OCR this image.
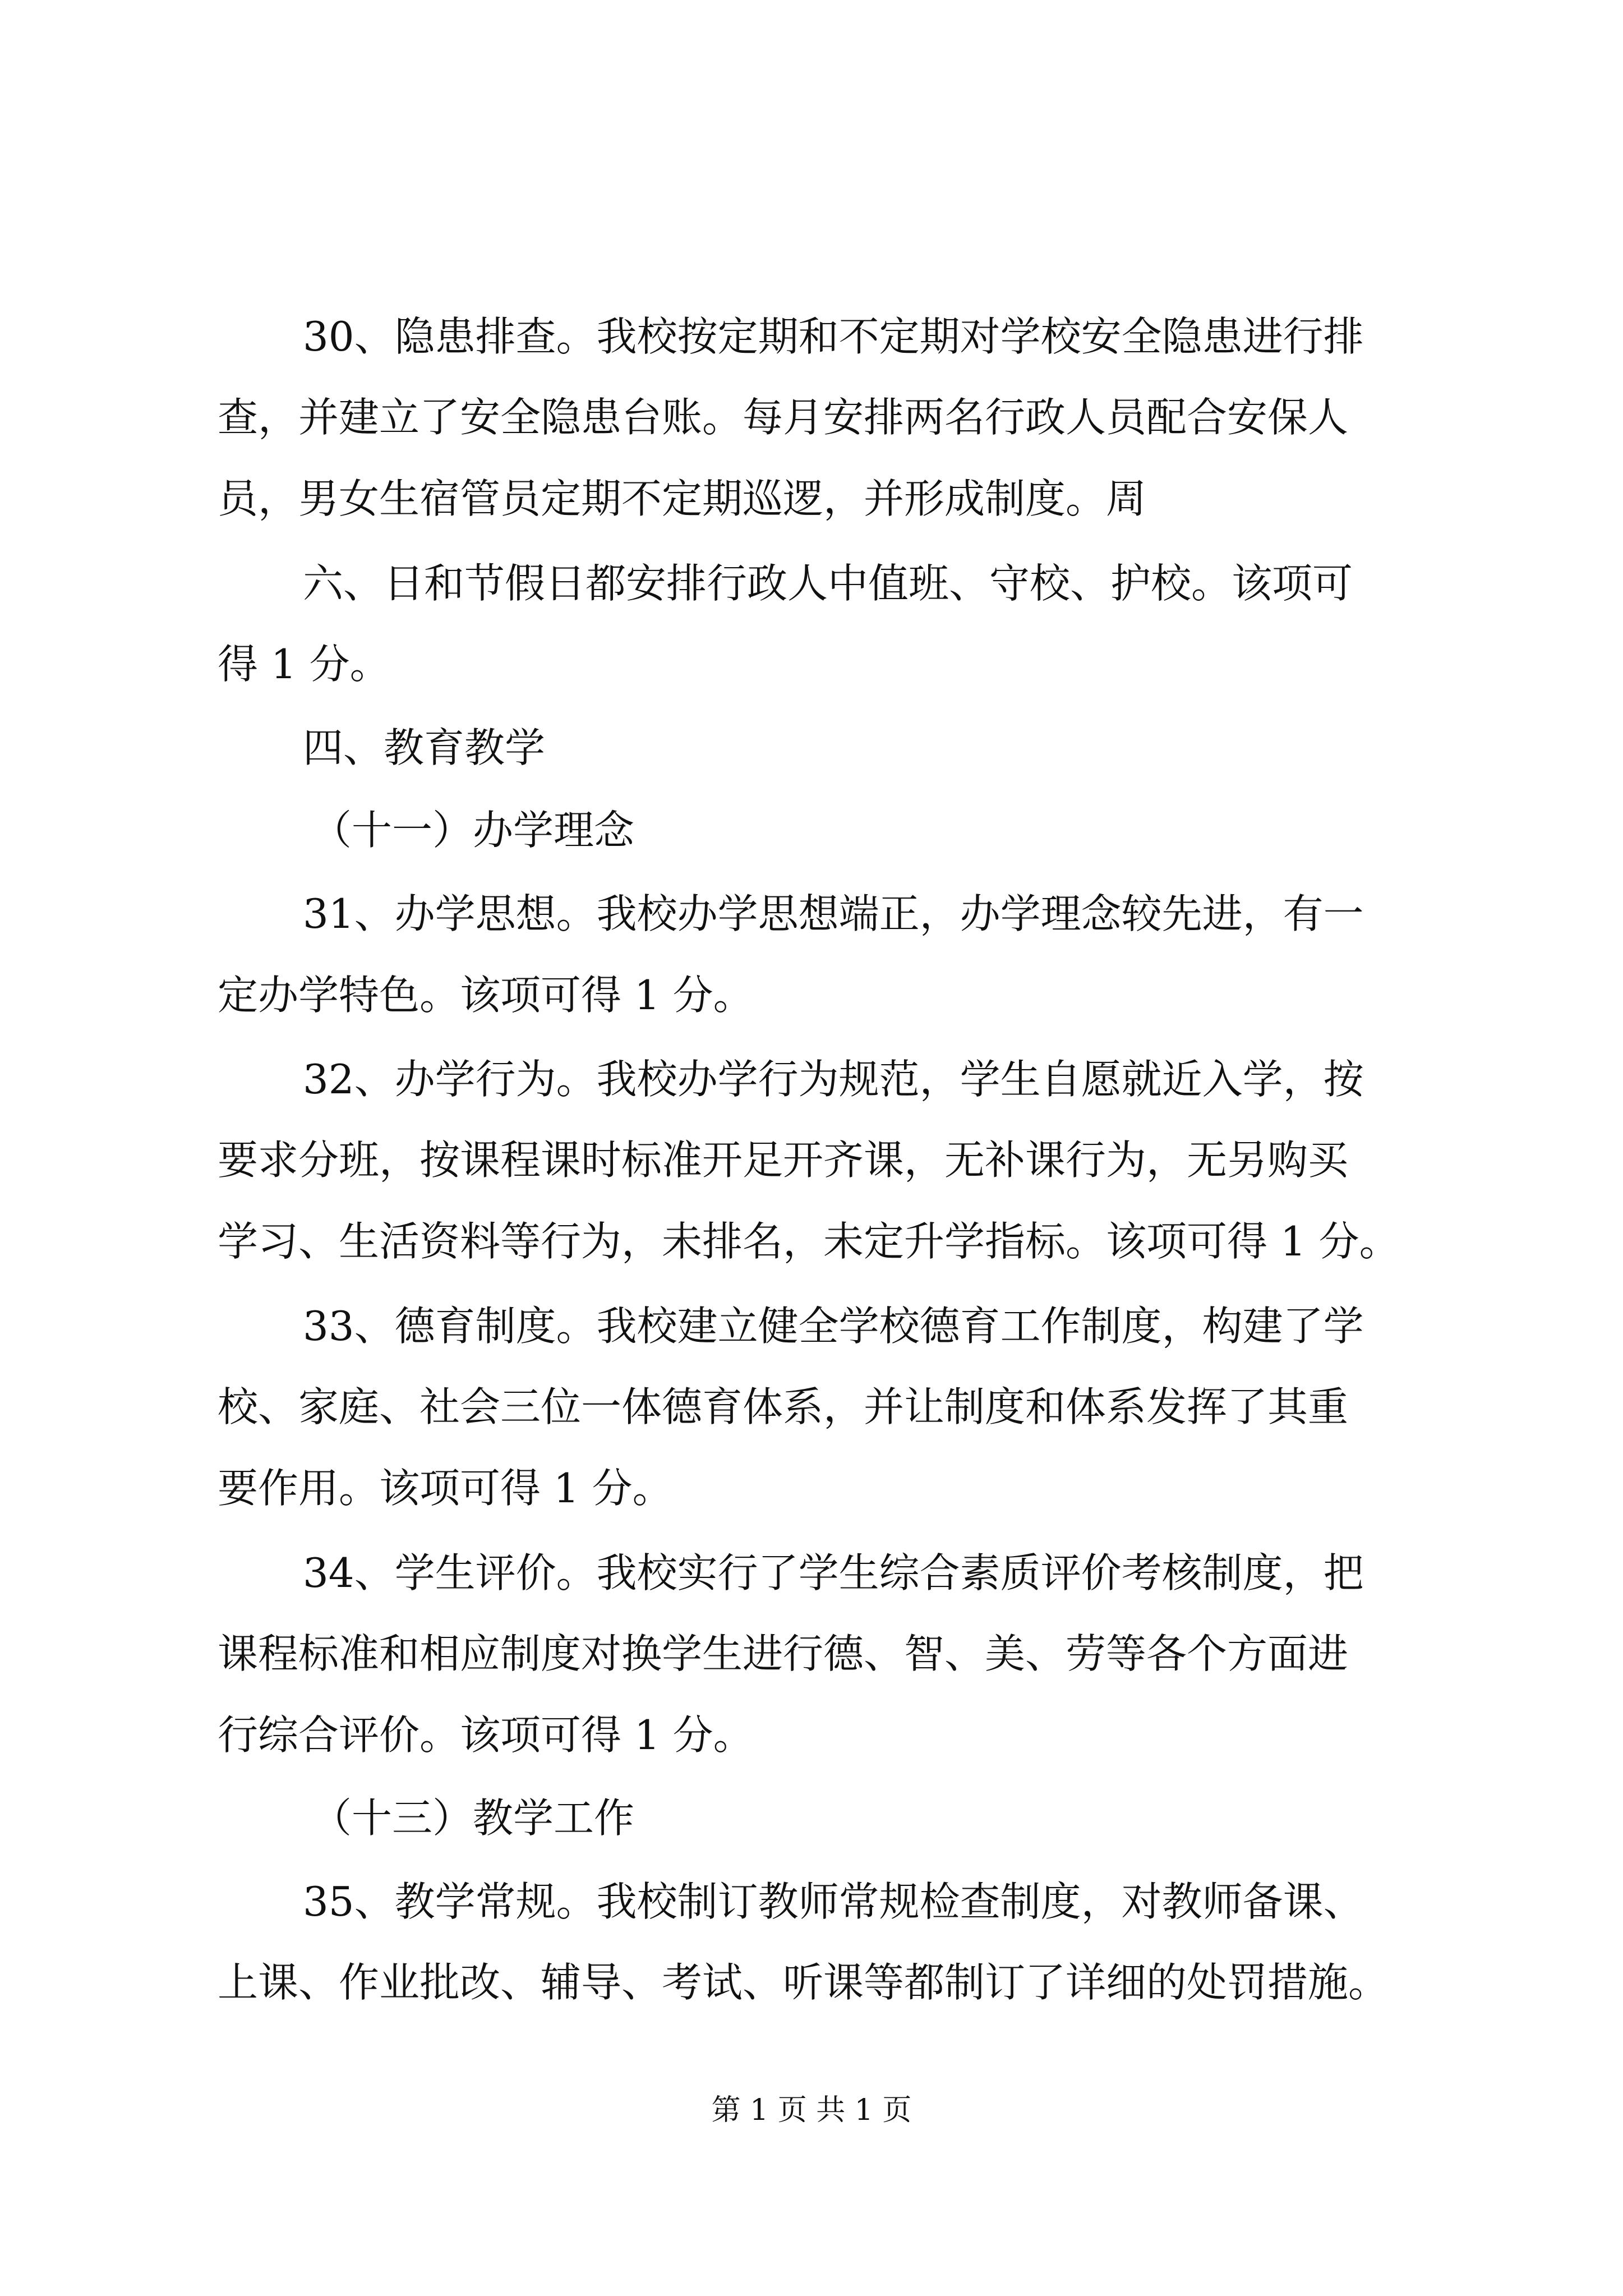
30、隐患排查。我校按定期和不定期对学校安全隐患进行排
查，并建立了安全隐患台账。每月安排两名行政人员配合安保人
员，男女生宿管员定期不定期巡逻，并形成制度。周
六、日和节假日都安排行政人中值班、守校、护校。该项可
得 1 分。
四、教育教学
（十一）办学理念
31、办学思想。我校办学思想端正，办学理念较先进，有一
定办学特色。该项可得 1 分。
32、办学行为。我校办学行为规范，学生自愿就近入学，按
要求分班，按课程课时标准开足开齐课，无补课行为，无另购买
学习、生活资料等行为，未排名，未定升学指标。该项可得 1 分。
33、德育制度。我校建立健全学校德育工作制度，构建了学
校、家庭、社会三位一体德育体系，并让制度和体系发挥了其重
要作用。该项可得 1 分。
34、学生评价。我校实行了学生综合素质评价考核制度，把
课程标准和相应制度对换学生进行德、智、美、劳等各个方面进
行综合评价。该项可得 1 分。
（十三）教学工作
35、教学常规。我校制订教师常规检查制度，对教师备课、
上课、作业批改、辅导、考试、听课等都制订了详细的处罚措施。
第 1 页 共 1 页
